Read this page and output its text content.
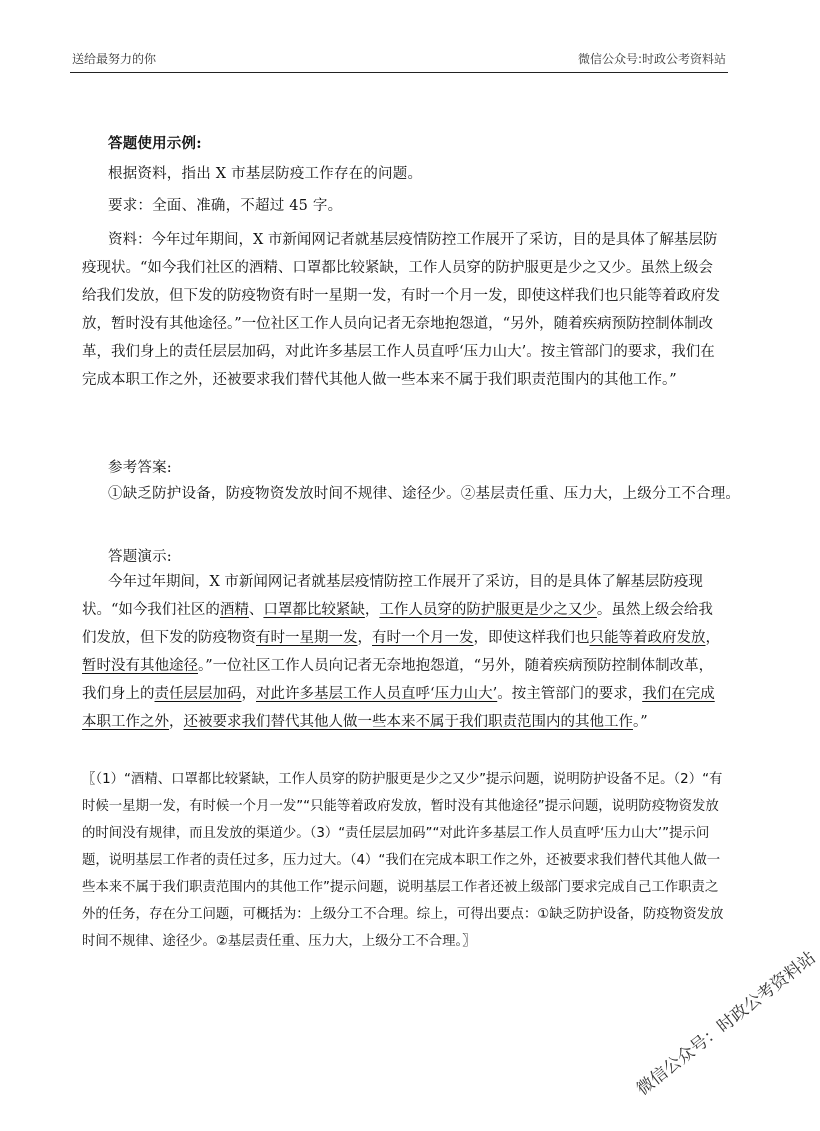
送给最努力的你	微信公众号:时政公考资料站
答题使用示例:
根据资料，指出 X 市基层防疫工作存在的问题。
要求：全面、准确，不超过 45 字。
资料：今年过年期间，X 市新闻网记者就基层疫情防控工作展开了采访，目的是具体了解基层防疫现状。“如今我们社区的酒精、口罩都比较紧缺，工作人员穿的防护服更是少之又少。虽然上级会给我们发放，但下发的防疫物资有时一星期一发，有时一个月一发，即使这样我们也只能等着政府发放，暂时没有其他途径。”一位社区工作人员向记者无奈地抱怨道，“另外，随着疾病预防控制体制改革，我们身上的责任层层加码，对此许多基层工作人员直呼‘压力山大’。按主管部门的要求，我们在完成本职工作之外，还被要求我们替代其他人做一些本来不属于我们职责范围内的其他工作。”
参考答案:
①缺乏防护设备，防疫物资发放时间不规律、途径少。②基层责任重、压力大，上级分工不合理。
答题演示:
今年过年期间，X 市新闻网记者就基层疫情防控工作展开了采访，目的是具体了解基层防疫现状。“如今我们社区的酒精、口罩都比较紧缺，工作人员穿的防护服更是少之又少。虽然上级会给我们发放，但下发的防疫物资有时一星期一发，有时一个月一发，即使这样我们也只能等着政府发放，暂时没有其他途径。”一位社区工作人员向记者无奈地抱怨道，“另外，随着疾病预防控制体制改革，我们身上的责任层层加码，对此许多基层工作人员直呼‘压力山大’。按主管部门的要求，我们在完成本职工作之外，还被要求我们替代其他人做一些本来不属于我们职责范围内的其他工作。”
〖（1）“酒精、口罩都比较紧缺，工作人员穿的防护服更是少之又少”提示问题，说明防护设备不足。（2）“有时候一星期一发，有时候一个月一发”“只能等着政府发放，暂时没有其他途径”提示问题，说明防疫物资发放的时间没有规律，而且发放的渠道少。（3）“责任层层加码”“对此许多基层工作人员直呼‘压力山大’”提示问题，说明基层工作者的责任过多，压力过大。（4）“我们在完成本职工作之外，还被要求我们替代其他人做一些本来不属于我们职责范围内的其他工作”提示问题，说明基层工作者还被上级部门要求完成自己工作职责之外的任务，存在分工问题，可概括为：上级分工不合理。综上，可得出要点：①缺乏防护设备，防疫物资发放时间不规律、途径少。②基层责任重、压力大，上级分工不合理。〗
微信公众号：时政公考资料站
